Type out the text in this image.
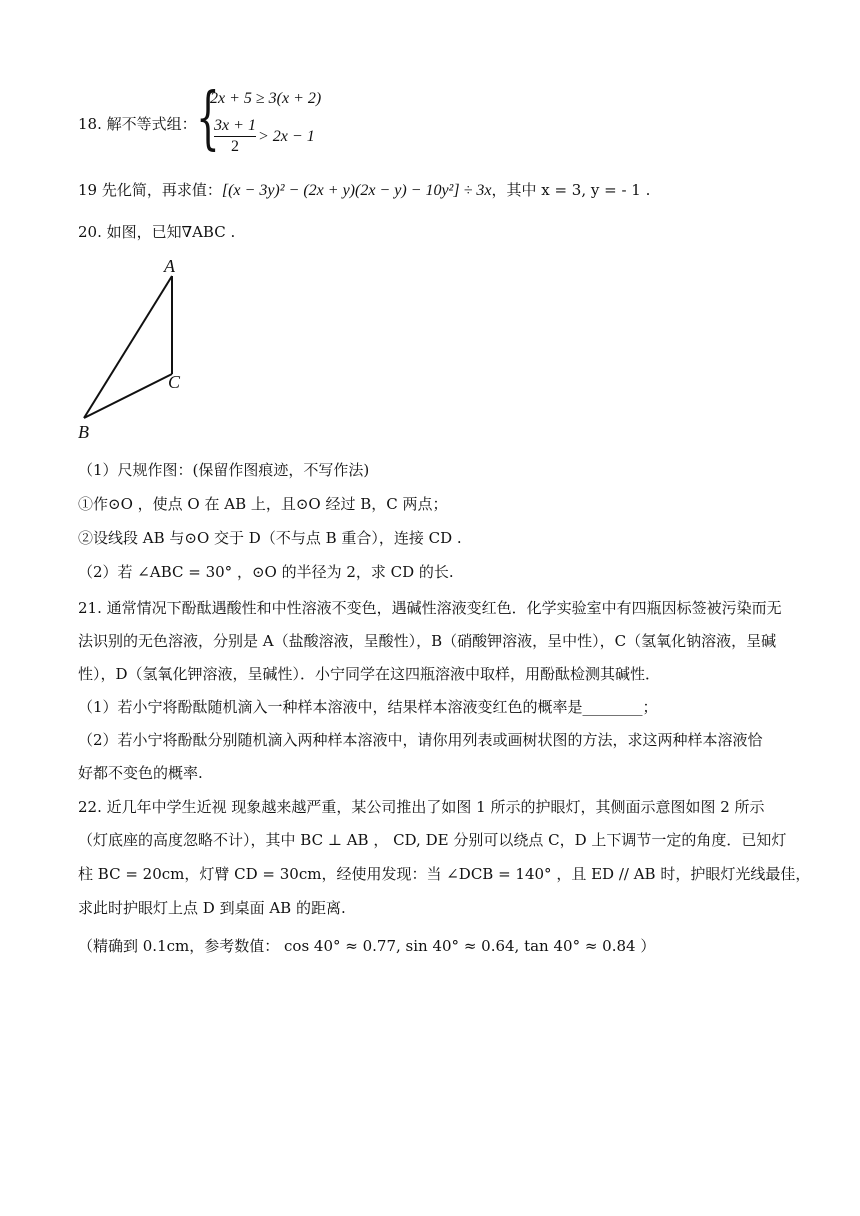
18. 解不等式组： {
2x + 5 ≥ 3(x + 2)
$\frac{3x + 1}{2} > 2x - 1$
19 先化简，再求值：[(x − 3y)² − (2x + y)(2x − y) − 10y²] ÷ 3x，其中 x = 3, y = - 1 .
20. 如图，已知∇ABC .
A
C
B
（1）尺规作图：(保留作图痕迹，不写作法)
①作⊙O ，使点 O 在 AB 上，且⊙O 经过 B，C 两点；
②设线段 AB 与⊙O 交于 D（不与点 B 重合），连接 CD .
（2）若 ∠ABC = 30° ，⊙O 的半径为 2，求 CD 的长.
21. 通常情况下酚酞遇酸性和中性溶液不变色，遇碱性溶液变红色．化学实验室中有四瓶因标签被污染而无
法识别的无色溶液，分别是 A（盐酸溶液，呈酸性），B（硝酸钾溶液，呈中性），C（氢氧化钠溶液，呈碱
性），D（氢氧化钾溶液，呈碱性）．小宁同学在这四瓶溶液中取样，用酚酞检测其碱性．
（1）若小宁将酚酞随机滴入一种样本溶液中，结果样本溶液变红色的概率是________；
（2）若小宁将酚酞分别随机滴入两种样本溶液中，请你用列表或画树状图的方法，求这两种样本溶液恰
好都不变色的概率.
22. 近几年中学生近视 现象越来越严重，某公司推出了如图 1 所示的护眼灯，其侧面示意图如图 2 所示
（灯底座的高度忽略不计），其中 BC ⊥ AB ， CD, DE 分别可以绕点 C，D 上下调节一定的角度．已知灯
柱 BC = 20cm，灯臂 CD = 30cm，经使用发现：当 ∠DCB = 140° ，且 ED // AB 时，护眼灯光线最佳，
求此时护眼灯上点 D 到桌面 AB 的距离.
（精确到 0.1cm，参考数值： cos 40° ≈ 0.77, sin 40° ≈ 0.64, tan 40° ≈ 0.84 ）
